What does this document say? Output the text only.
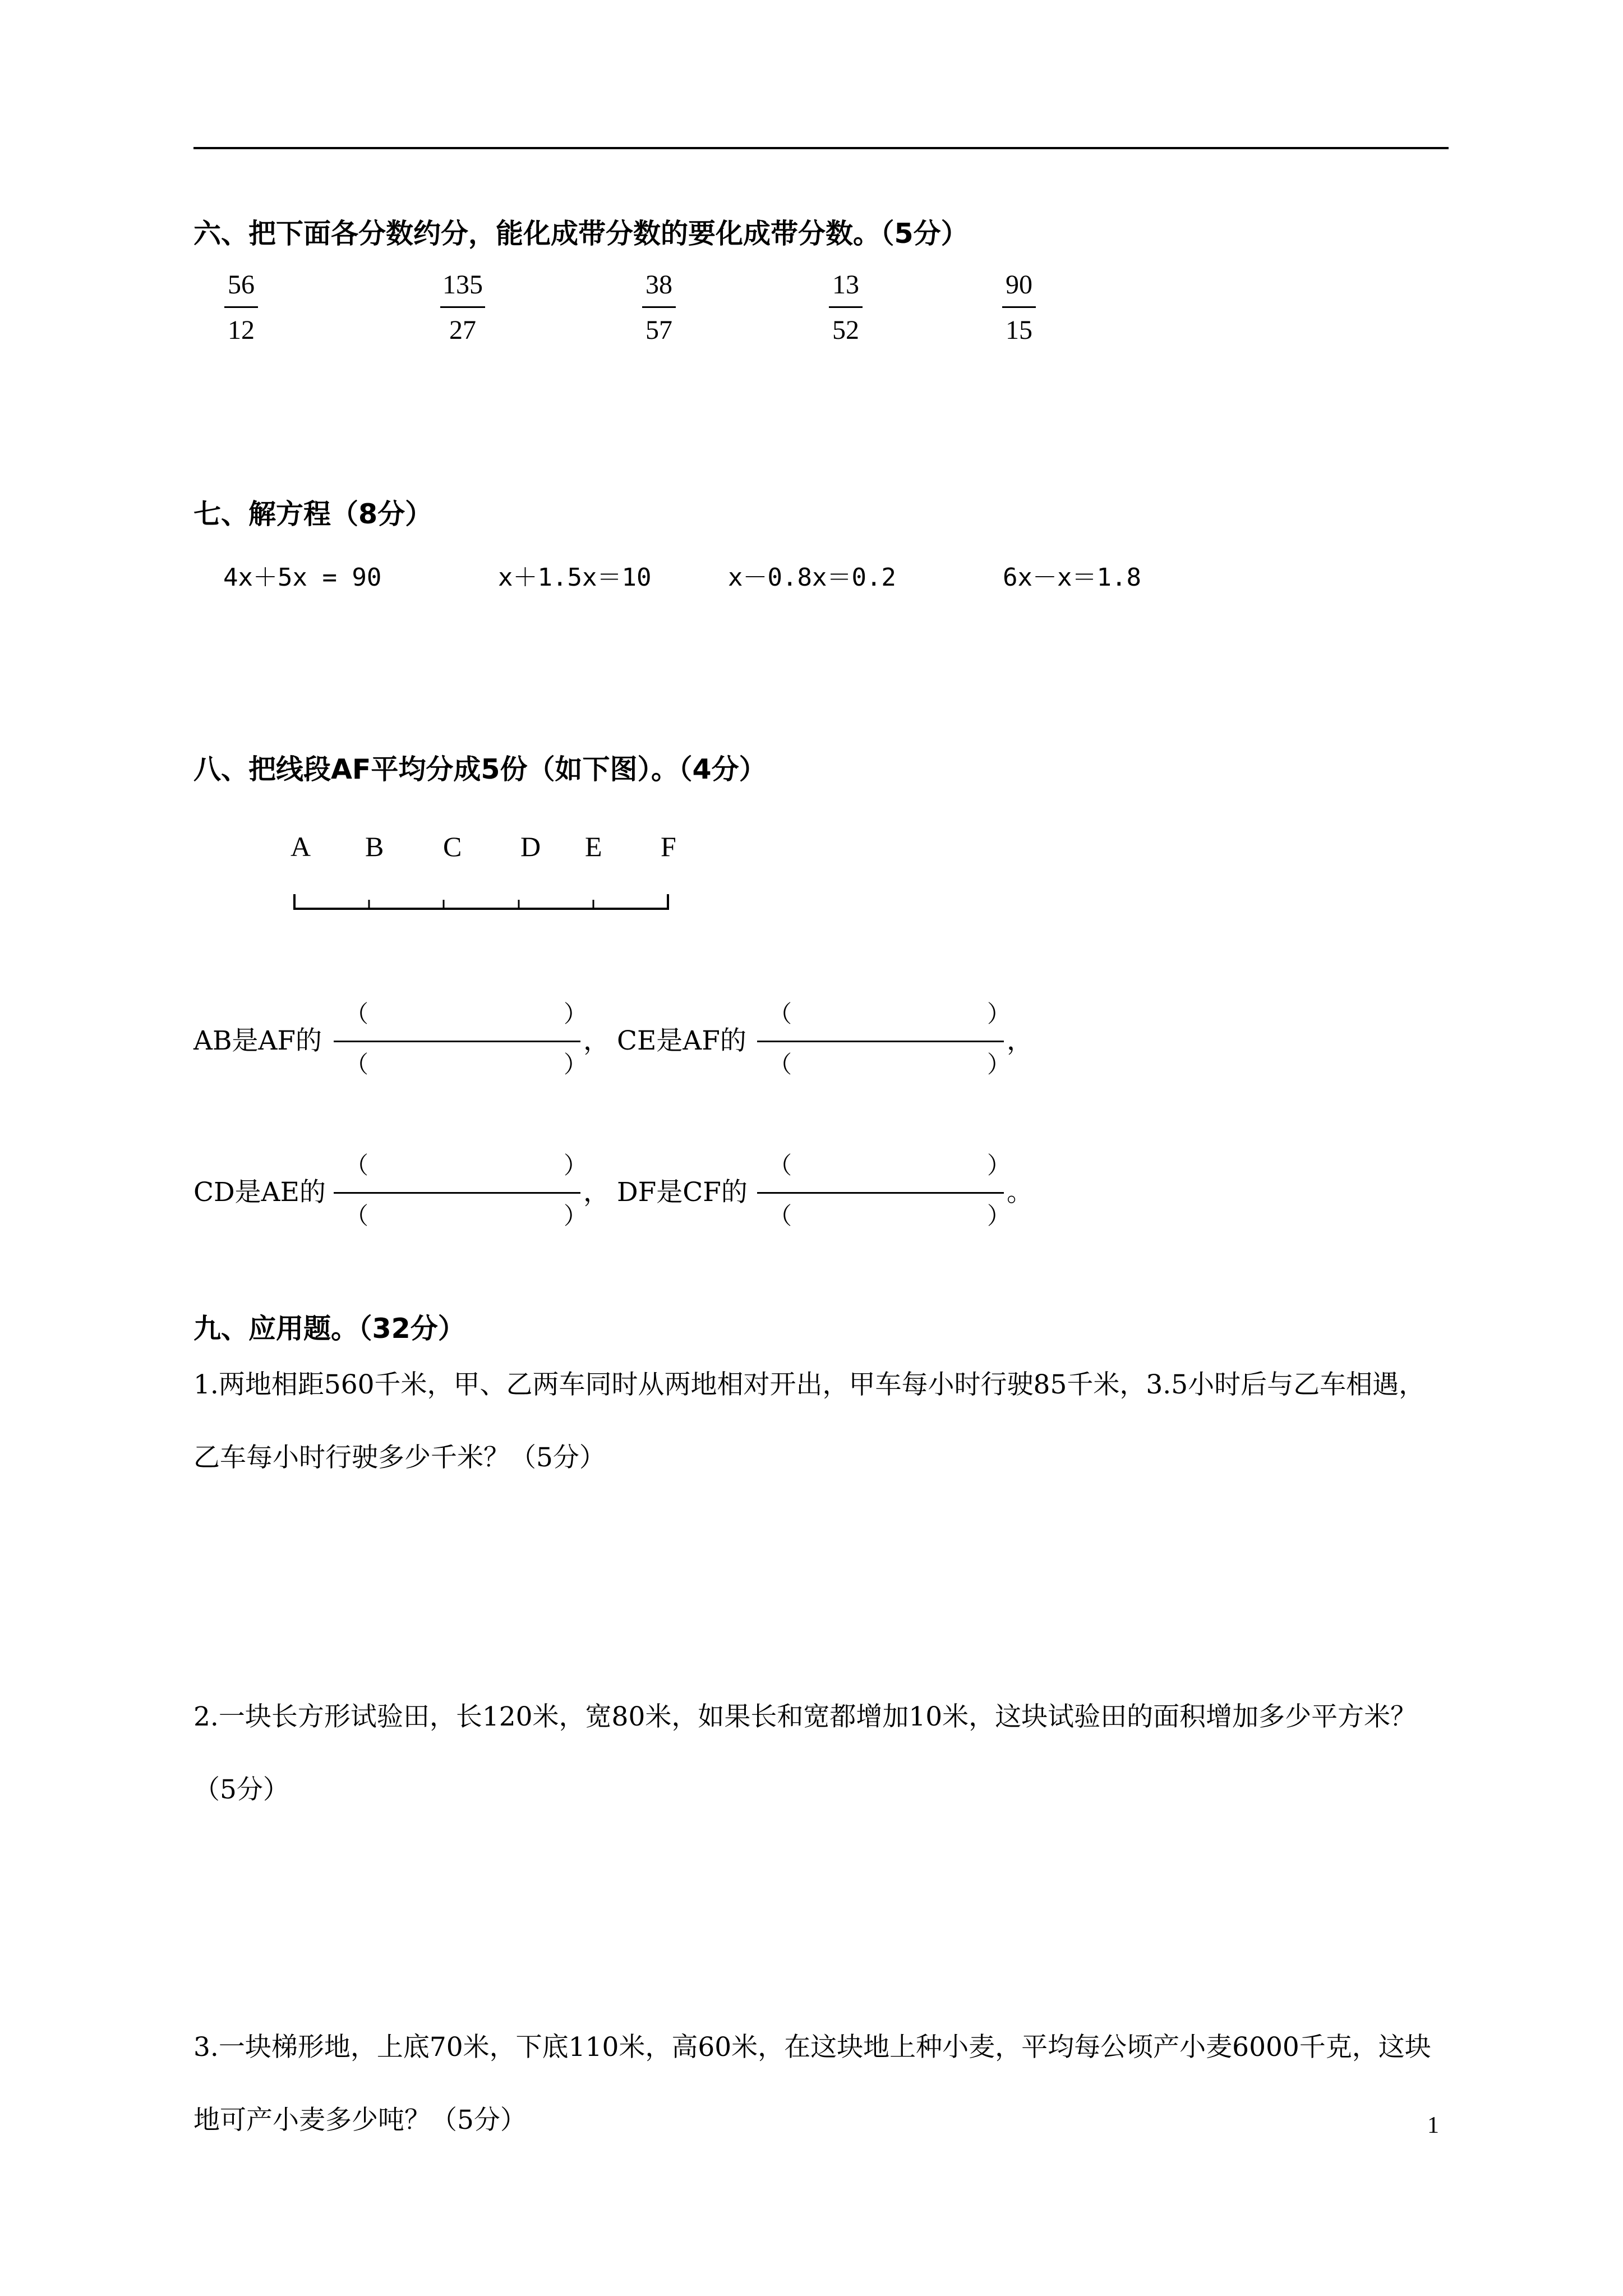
六、把下面各分数约分，能化成带分数的要化成带分数。（5分）
56
12
135
27
38
57
13
52
90
15
七、解方程（8分）
4x＋5x = 90	x＋1.5x＝10	x－0.8x＝0.2	6x－x＝1.8
八、把线段AF平均分成5份（如下图）。（4分）
A B C D E F
AB是AF的
（	）
（	）
， CE是AF的
（	）
（	）
，
CD是AE的
（	）
（	）
， DF是CF的
（	）
（	）
。
九、应用题。（32分）
1.两地相距560千米，甲、乙两车同时从两地相对开出，甲车每小时行驶85千米，3.5小时后与乙车相遇，乙车每小时行驶多少千米？（5分）
2.一块长方形试验田，长120米，宽80米，如果长和宽都增加10米，这块试验田的面积增加多少平方米？（5分）
3.一块梯形地，上底70米，下底110米，高60米，在这块地上种小麦，平均每公顷产小麦6000千克，这块地可产小麦多少吨？（5分）	1
